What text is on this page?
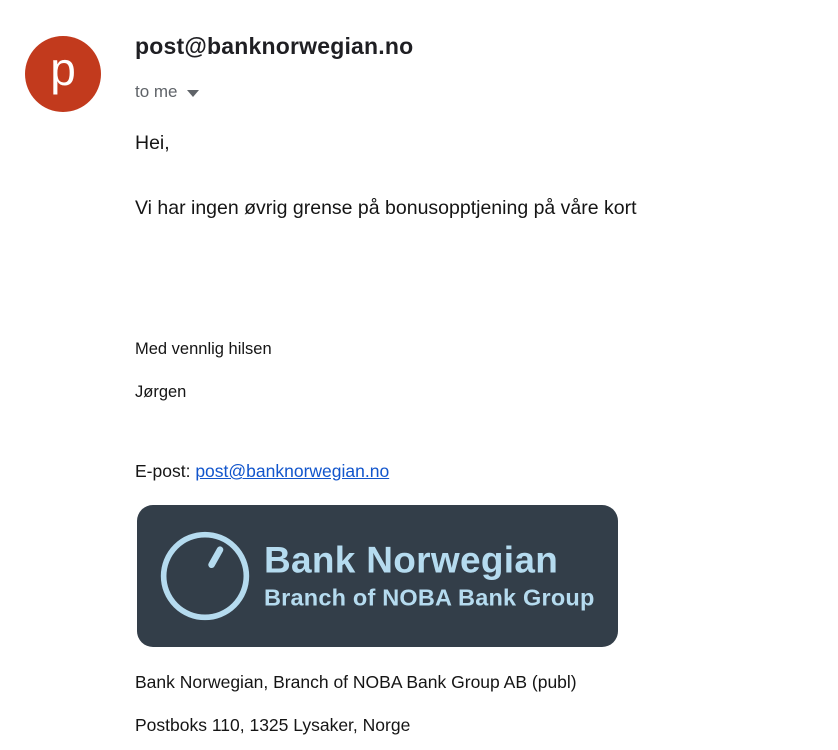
p	post@banknorwegian.no
to me
Hei,
Vi har ingen øvrig grense på bonusopptjening på våre kort
Med vennlig hilsen
Jørgen
E-post: post@banknorwegian.no
Bank Norwegian
Branch of NOBA Bank Group
Bank Norwegian, Branch of NOBA Bank Group AB (publ)
Postboks 110, 1325 Lysaker, Norge
